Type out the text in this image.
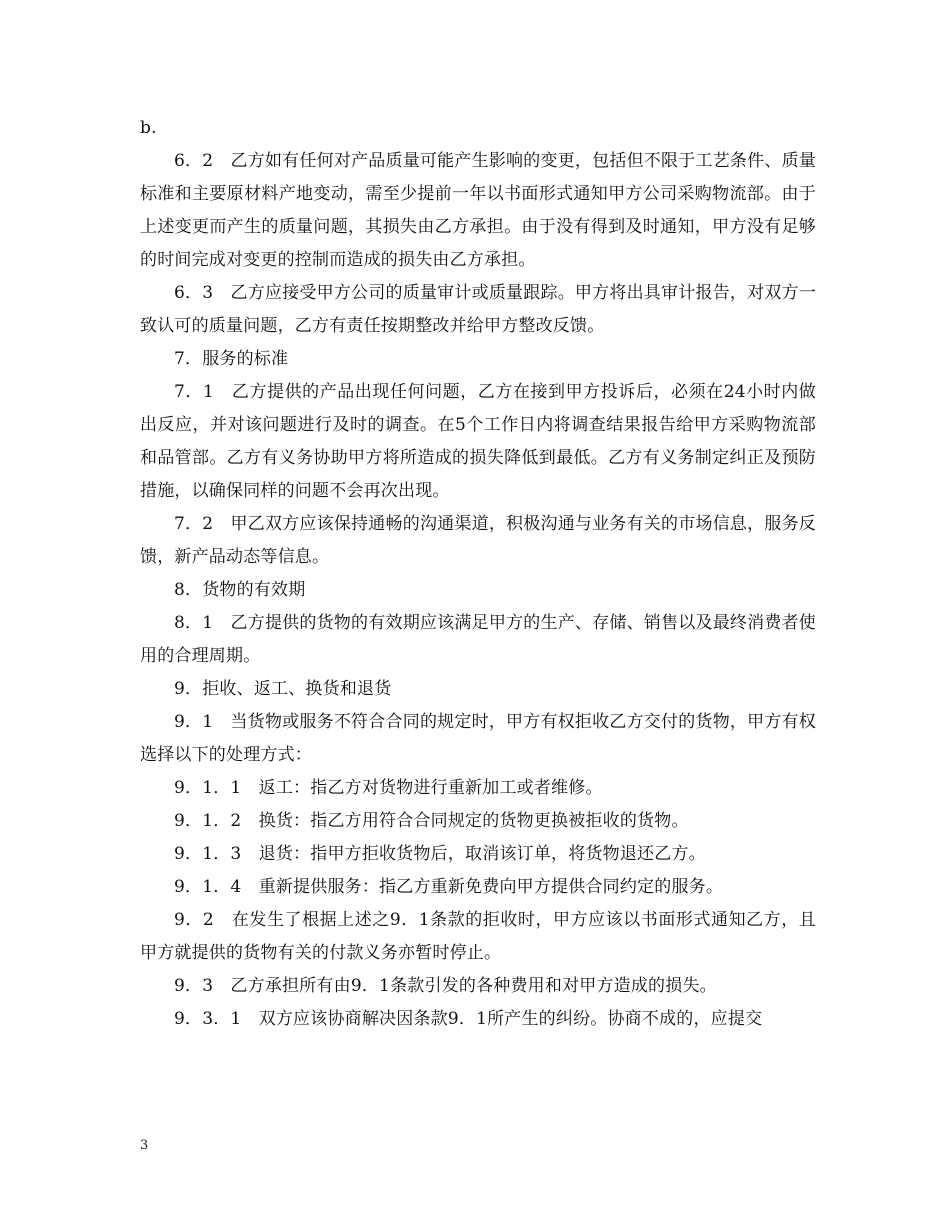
b.

6．2　乙方如有任何对产品质量可能产生影响的变更，包括但不限于工艺条件、质量标准和主要原材料产地变动，需至少提前一年以书面形式通知甲方公司采购物流部。由于上述变更而产生的质量问题，其损失由乙方承担。由于没有得到及时通知，甲方没有足够的时间完成对变更的控制而造成的损失由乙方承担。

6．3　乙方应接受甲方公司的质量审计或质量跟踪。甲方将出具审计报告，对双方一致认可的质量问题，乙方有责任按期整改并给甲方整改反馈。

7．服务的标准

7．1　乙方提供的产品出现任何问题，乙方在接到甲方投诉后，必须在24小时内做出反应，并对该问题进行及时的调查。在5个工作日内将调查结果报告给甲方采购物流部和品管部。乙方有义务协助甲方将所造成的损失降低到最低。乙方有义务制定纠正及预防措施，以确保同样的问题不会再次出现。

7．2　甲乙双方应该保持通畅的沟通渠道，积极沟通与业务有关的市场信息，服务反馈，新产品动态等信息。

8．货物的有效期

8．1　乙方提供的货物的有效期应该满足甲方的生产、存储、销售以及最终消费者使用的合理周期。

9．拒收、返工、换货和退货

9．1　当货物或服务不符合合同的规定时，甲方有权拒收乙方交付的货物，甲方有权选择以下的处理方式：

9．1．1　返工：指乙方对货物进行重新加工或者维修。

9．1．2　换货：指乙方用符合合同规定的货物更换被拒收的货物。

9．1．3　退货：指甲方拒收货物后，取消该订单，将货物退还乙方。

9．1．4　重新提供服务：指乙方重新免费向甲方提供合同约定的服务。

9．2　在发生了根据上述之9．1条款的拒收时，甲方应该以书面形式通知乙方，且甲方就提供的货物有关的付款义务亦暂时停止。

9．3　乙方承担所有由9．1条款引发的各种费用和对甲方造成的损失。

9．3．1　双方应该协商解决因条款9．1所产生的纠纷。协商不成的，应提交

3
